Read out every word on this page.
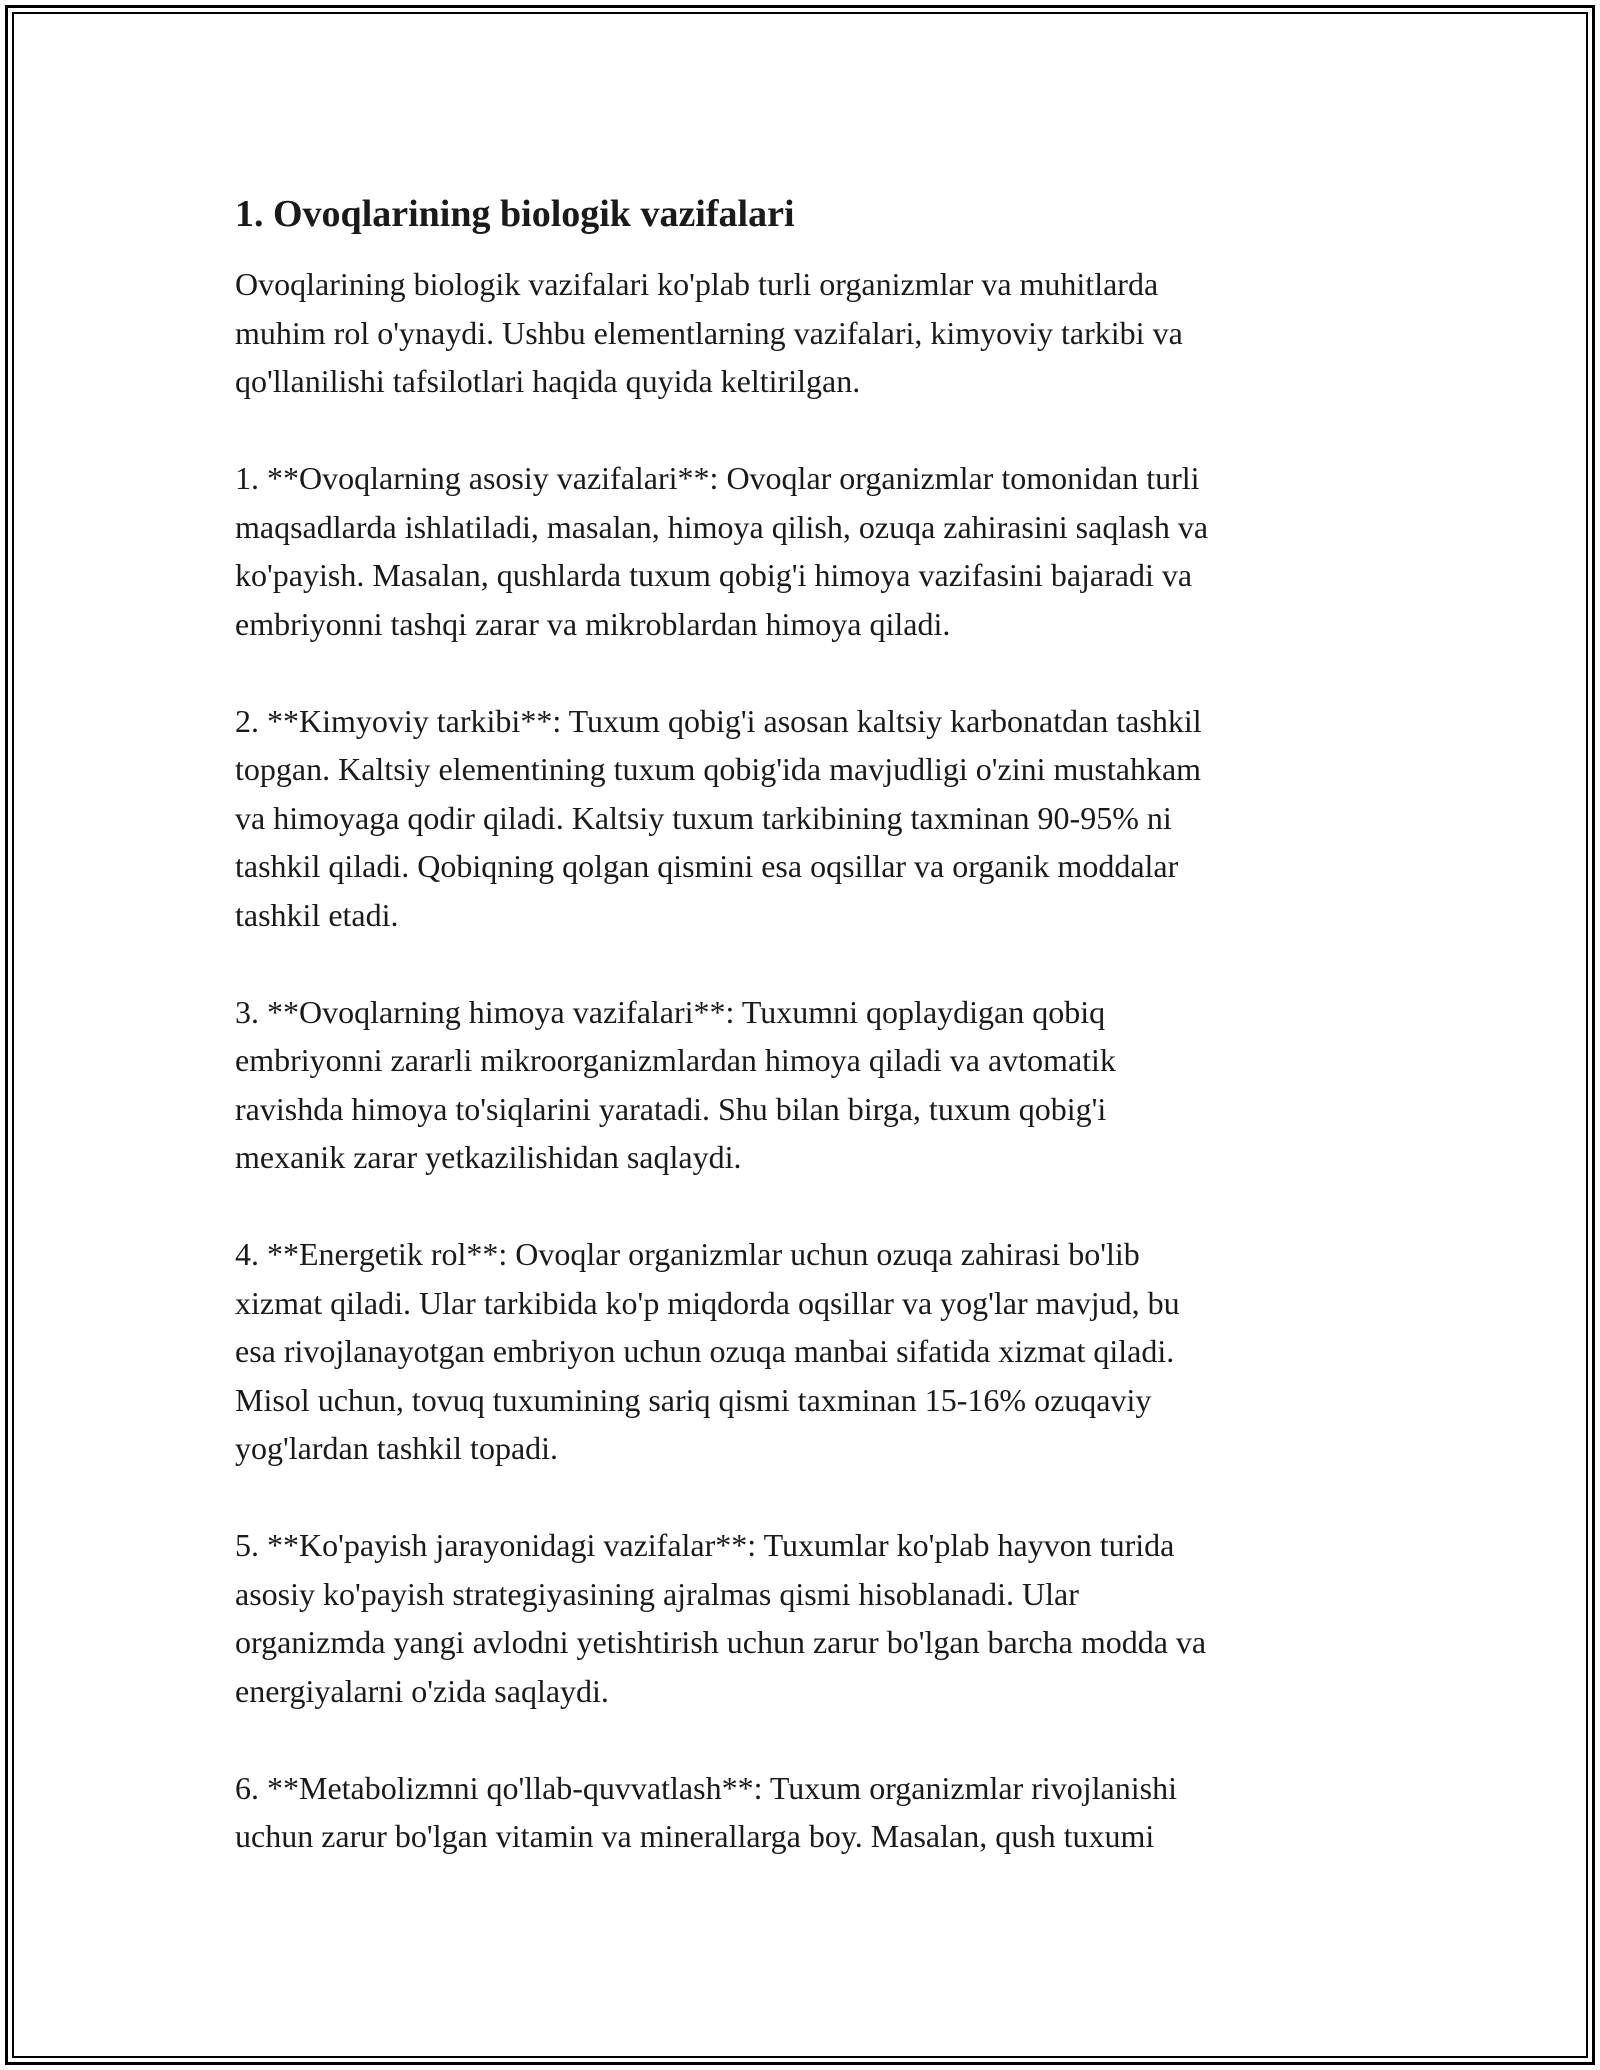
1. Ovoqlarining biologik vazifalari

Ovoqlarining biologik vazifalari ko'plab turli organizmlar va muhitlarda
muhim rol o'ynaydi. Ushbu elementlarning vazifalari, kimyoviy tarkibi va
qo'llanilishi tafsilotlari haqida quyida keltirilgan.

1. **Ovoqlarning asosiy vazifalari**: Ovoqlar organizmlar tomonidan turli
maqsadlarda ishlatiladi, masalan, himoya qilish, ozuqa zahirasini saqlash va
ko'payish. Masalan, qushlarda tuxum qobig'i himoya vazifasini bajaradi va
embriyonni tashqi zarar va mikroblardan himoya qiladi.

2. **Kimyoviy tarkibi**: Tuxum qobig'i asosan kaltsiy karbonatdan tashkil
topgan. Kaltsiy elementining tuxum qobig'ida mavjudligi o'zini mustahkam
va himoyaga qodir qiladi. Kaltsiy tuxum tarkibining taxminan 90-95% ni
tashkil qiladi. Qobiqning qolgan qismini esa oqsillar va organik moddalar
tashkil etadi.

3. **Ovoqlarning himoya vazifalari**: Tuxumni qoplaydigan qobiq
embriyonni zararli mikroorganizmlardan himoya qiladi va avtomatik
ravishda himoya to'siqlarini yaratadi. Shu bilan birga, tuxum qobig'i
mexanik zarar yetkazilishidan saqlaydi.

4. **Energetik rol**: Ovoqlar organizmlar uchun ozuqa zahirasi bo'lib
xizmat qiladi. Ular tarkibida ko'p miqdorda oqsillar va yog'lar mavjud, bu
esa rivojlanayotgan embriyon uchun ozuqa manbai sifatida xizmat qiladi.
Misol uchun, tovuq tuxumining sariq qismi taxminan 15-16% ozuqaviy
yog'lardan tashkil topadi.

5. **Ko'payish jarayonidagi vazifalar**: Tuxumlar ko'plab hayvon turida
asosiy ko'payish strategiyasining ajralmas qismi hisoblanadi. Ular
organizmda yangi avlodni yetishtirish uchun zarur bo'lgan barcha modda va
energiyalarni o'zida saqlaydi.

6. **Metabolizmni qo'llab-quvvatlash**: Tuxum organizmlar rivojlanishi
uchun zarur bo'lgan vitamin va minerallarga boy. Masalan, qush tuxumi
